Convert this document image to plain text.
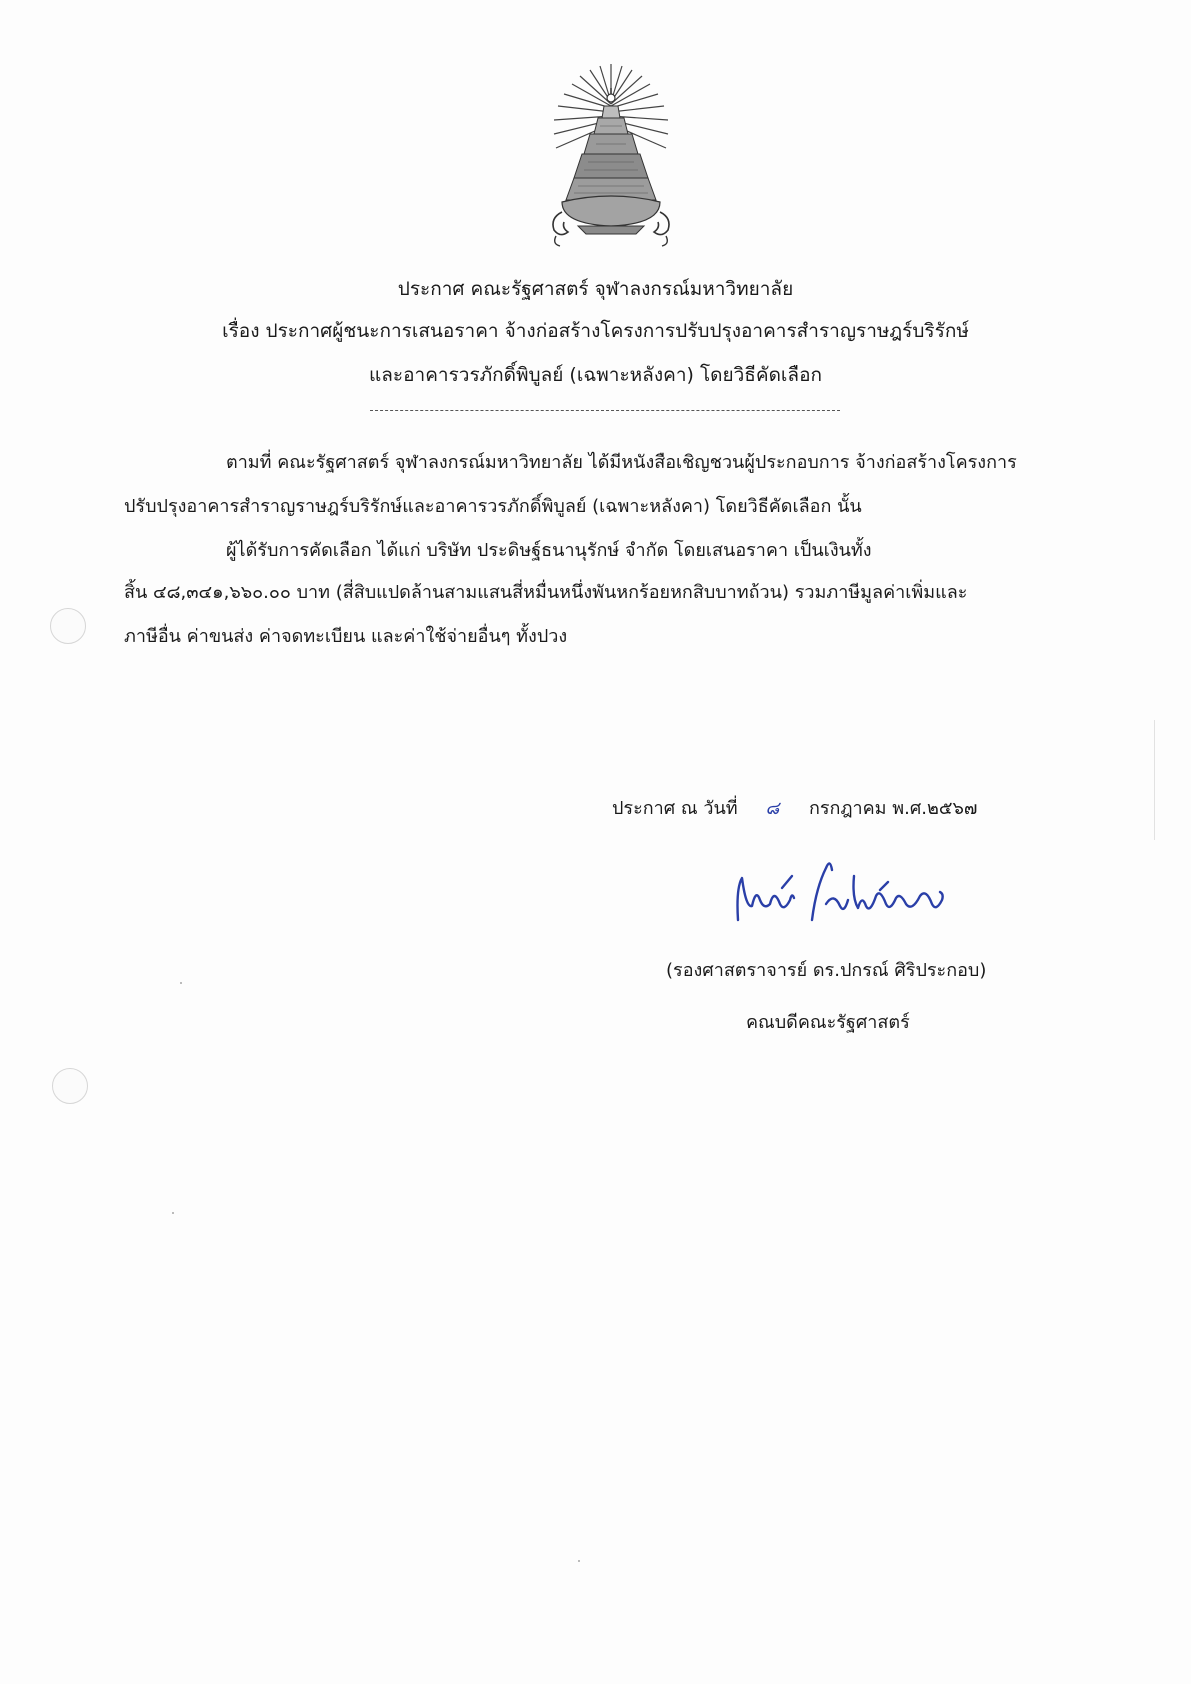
ประกาศ คณะรัฐศาสตร์ จุฬาลงกรณ์มหาวิทยาลัย
เรื่อง ประกาศผู้ชนะการเสนอราคา จ้างก่อสร้างโครงการปรับปรุงอาคารสำราญราษฎร์บริรักษ์
และอาคารวรภักดิ์พิบูลย์ (เฉพาะหลังคา) โดยวิธีคัดเลือก
ตามที่ คณะรัฐศาสตร์ จุฬาลงกรณ์มหาวิทยาลัย ได้มีหนังสือเชิญชวนผู้ประกอบการ จ้างก่อสร้างโครงการ
ปรับปรุงอาคารสำราญราษฎร์บริรักษ์และอาคารวรภักดิ์พิบูลย์ (เฉพาะหลังคา) โดยวิธีคัดเลือก นั้น
ผู้ได้รับการคัดเลือก ได้แก่ บริษัท ประดิษฐ์ธนานุรักษ์ จำกัด โดยเสนอราคา เป็นเงินทั้ง
สิ้น ๔๘,๓๔๑,๖๖๐.๐๐ บาท (สี่สิบแปดล้านสามแสนสี่หมื่นหนึ่งพันหกร้อยหกสิบบาทถ้วน) รวมภาษีมูลค่าเพิ่มและ
ภาษีอื่น ค่าขนส่ง ค่าจดทะเบียน และค่าใช้จ่ายอื่นๆ ทั้งปวง
ประกาศ ณ วันที่ ๘ กรกฎาคม พ.ศ.๒๕๖๗
(รองศาสตราจารย์ ดร.ปกรณ์ ศิริประกอบ)
คณบดีคณะรัฐศาสตร์
